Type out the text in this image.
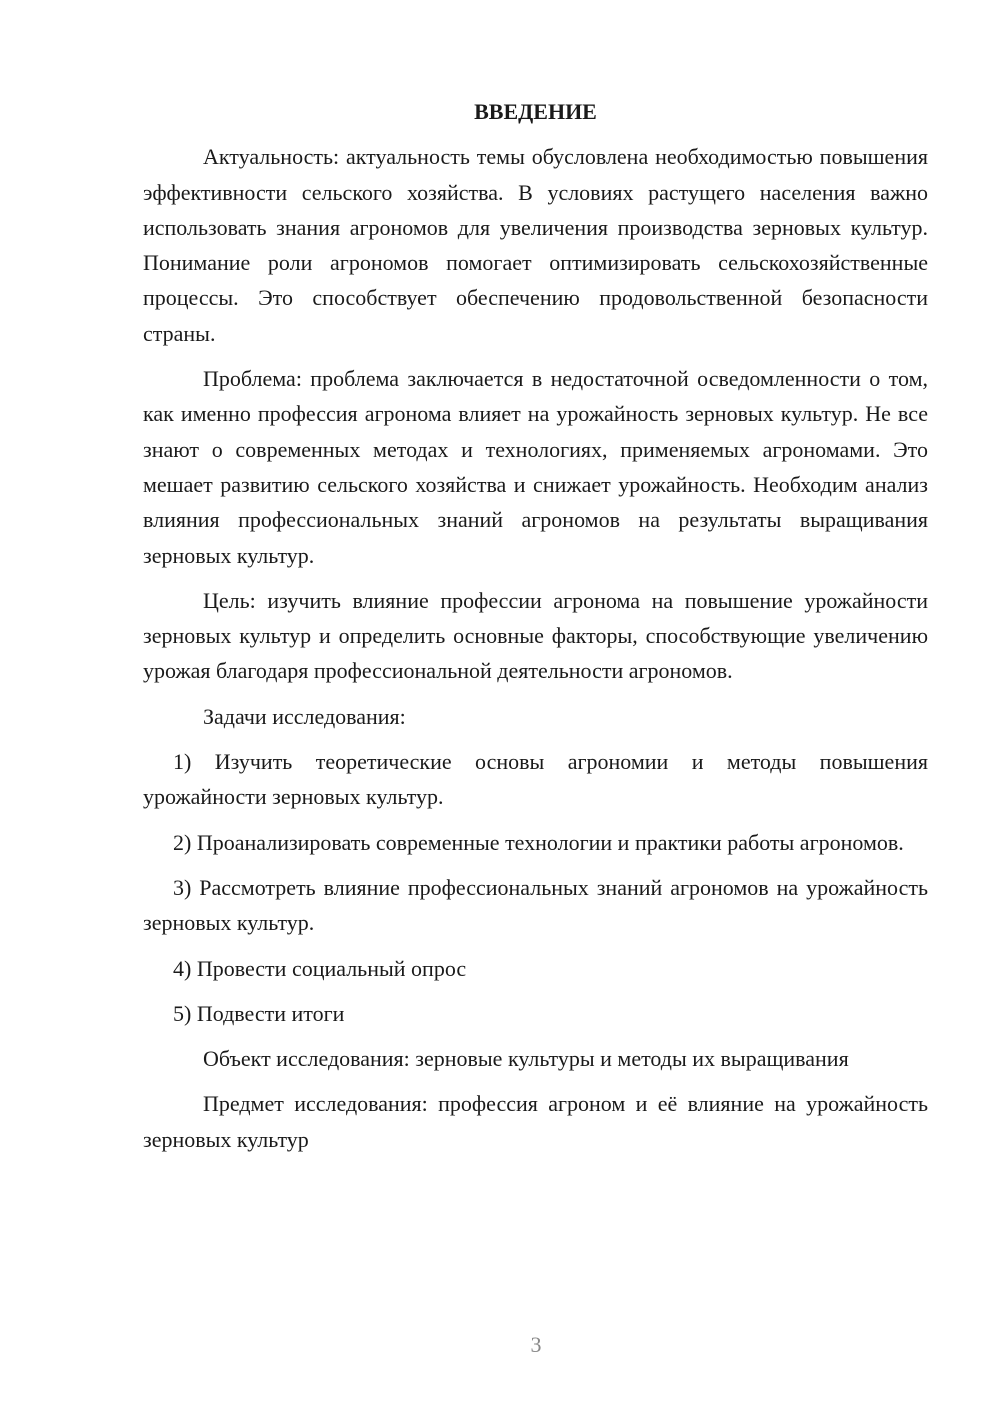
ВВЕДЕНИЕ

Актуальность: актуальность темы обусловлена необходимостью повышения эффективности сельского хозяйства. В условиях растущего населения важно использовать знания агрономов для увеличения производства зерновых культур. Понимание роли агрономов помогает оптимизировать сельскохозяйственные процессы. Это способствует обеспечению продовольственной безопасности страны.

Проблема: проблема заключается в недостаточной осведомленности о том, как именно профессия агронома влияет на урожайность зерновых культур. Не все знают о современных методах и технологиях, применяемых агрономами. Это мешает развитию сельского хозяйства и снижает урожайность. Необходим анализ влияния профессиональных знаний агрономов на результаты выращивания зерновых культур.

Цель: изучить влияние профессии агронома на повышение урожайности зерновых культур и определить основные факторы, способствующие увеличению урожая благодаря профессиональной деятельности агрономов.

Задачи исследования:

1) Изучить теоретические основы агрономии и методы повышения урожайности зерновых культур.

2) Проанализировать современные технологии и практики работы агрономов.

3) Рассмотреть влияние профессиональных знаний агрономов на урожайность зерновых культур.

4) Провести социальный опрос

5) Подвести итоги

Объект исследования: зерновые культуры и методы их выращивания

Предмет исследования: профессия агроном и её влияние на урожайность зерновых культур

3
